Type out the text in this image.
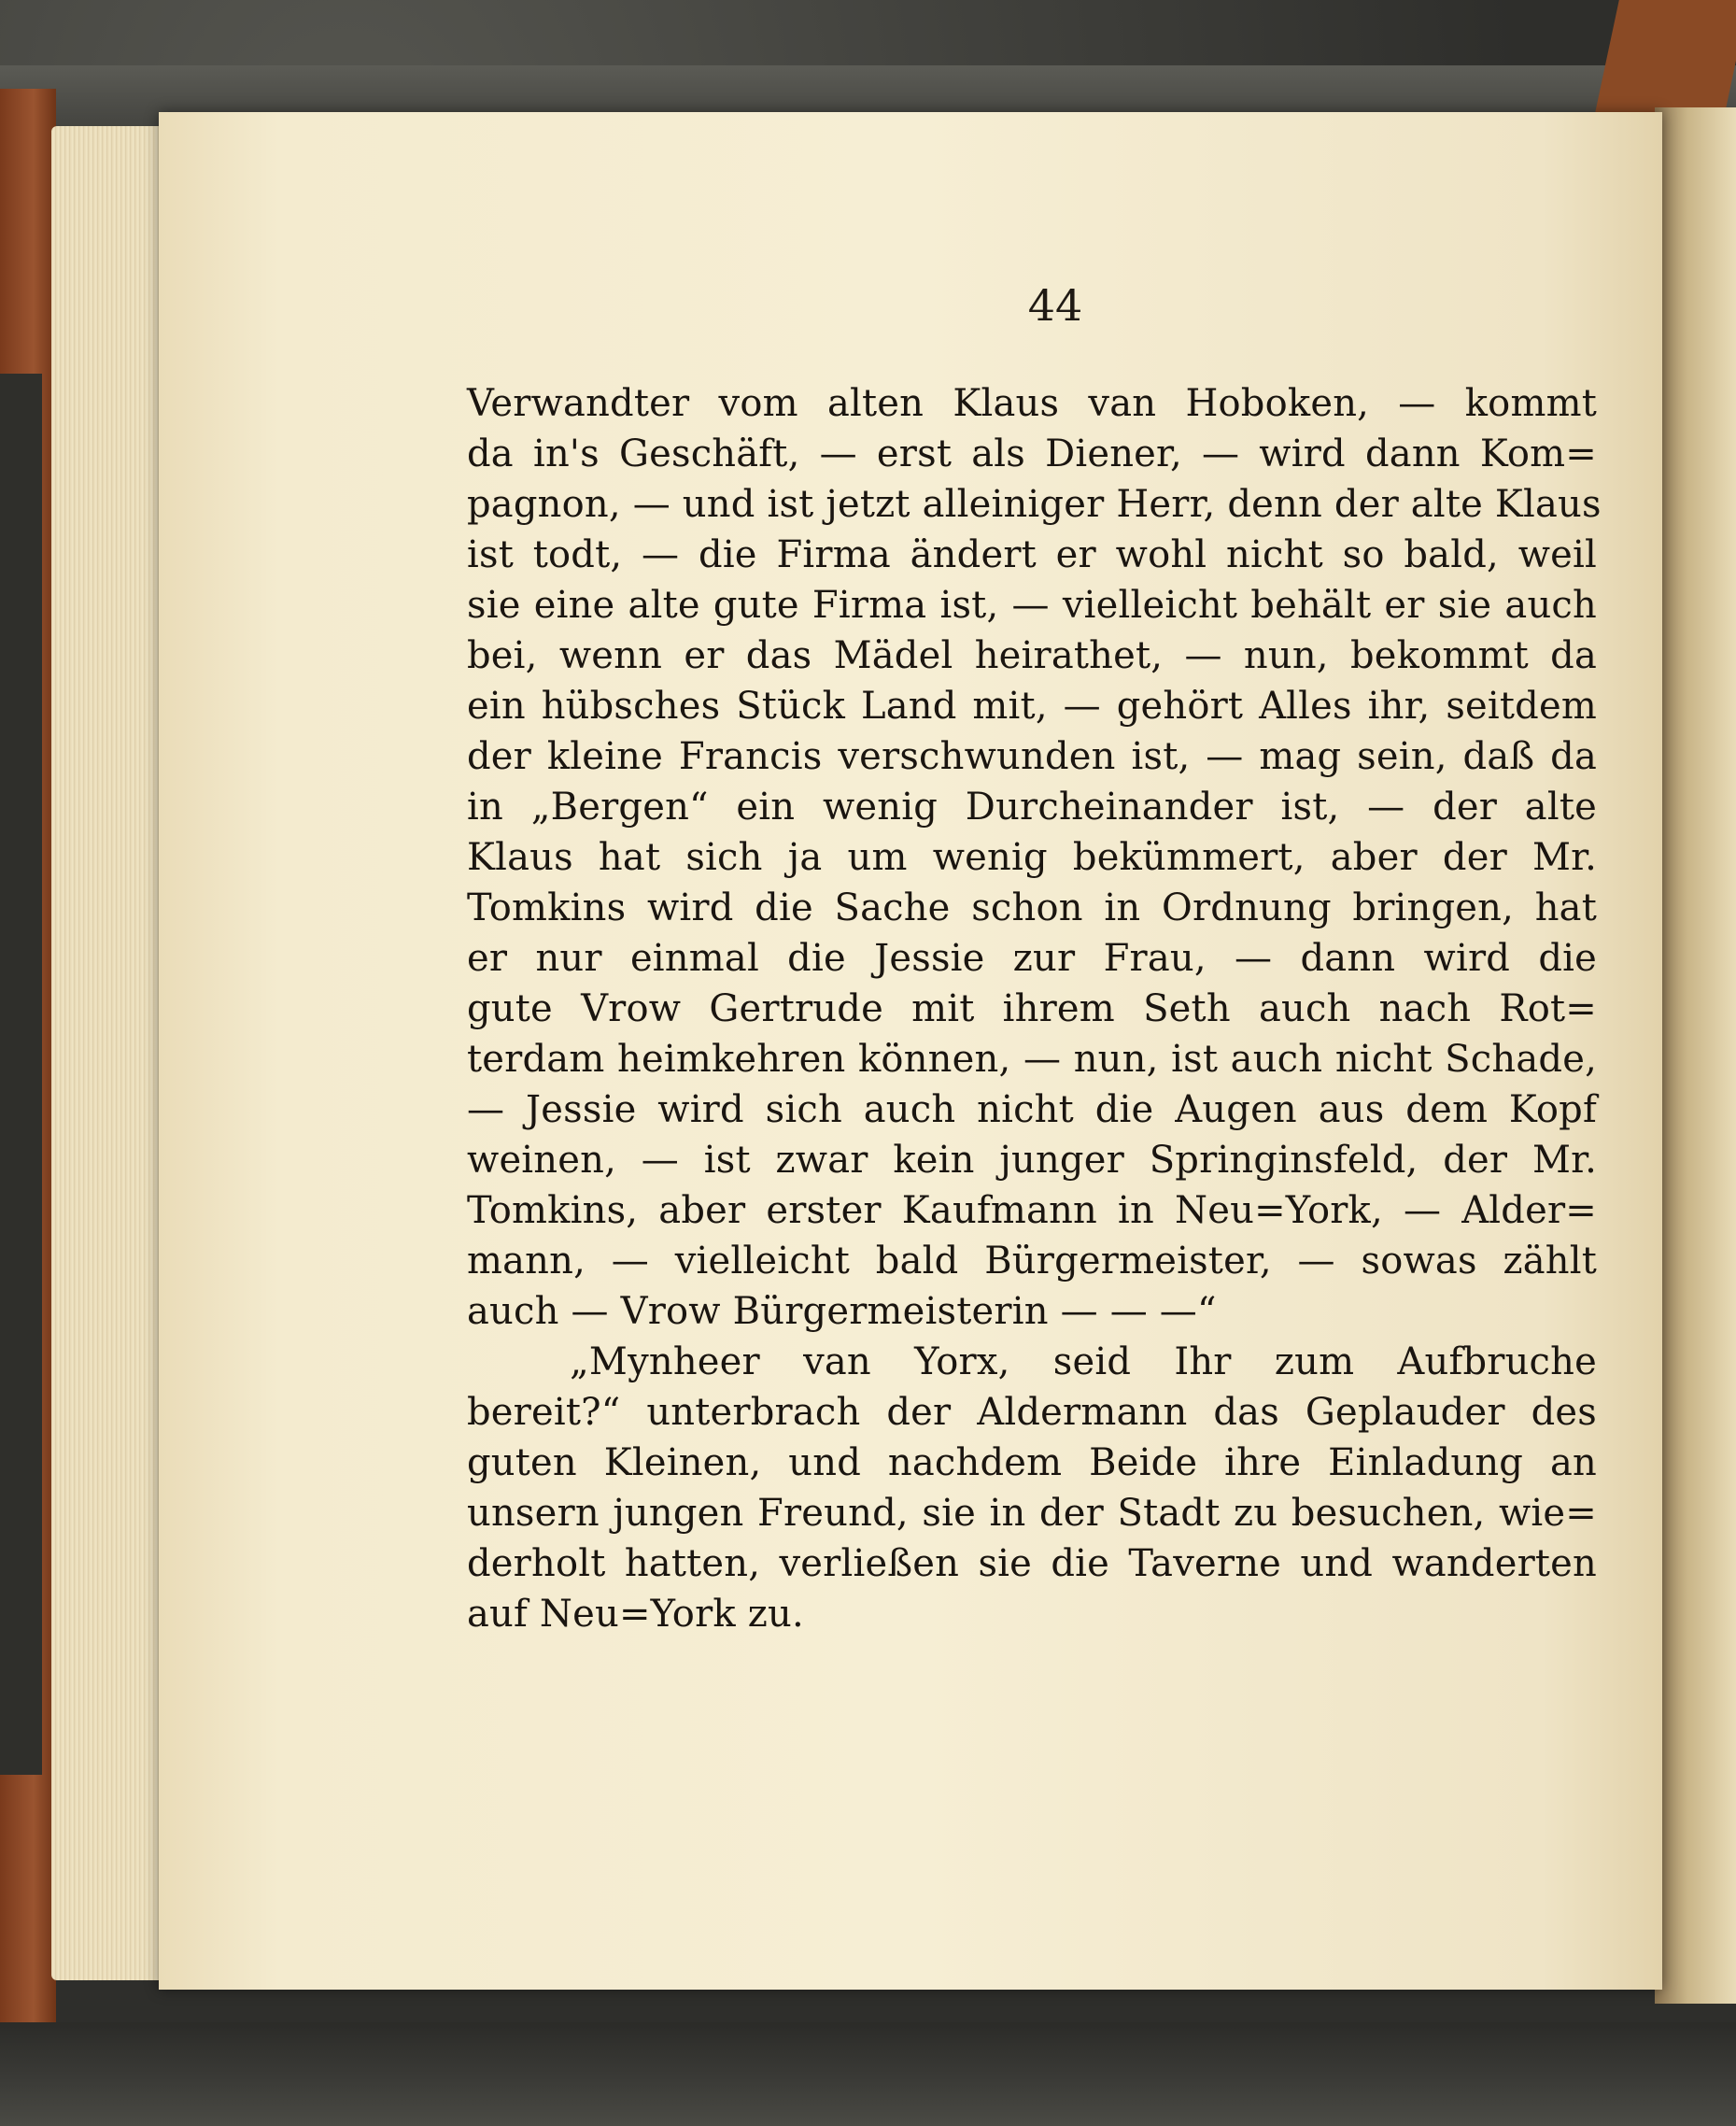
44
Verwandter vom alten Klaus van Hoboken, — kommt
da in's Geschäft, — erst als Diener, — wird dann Kom=
pagnon, — und ist jetzt alleiniger Herr, denn der alte Klaus
ist todt, — die Firma ändert er wohl nicht so bald, weil
sie eine alte gute Firma ist, — vielleicht behält er sie auch
bei, wenn er das Mädel heirathet, — nun, bekommt da
ein hübsches Stück Land mit, — gehört Alles ihr, seitdem
der kleine Francis verschwunden ist, — mag sein, daß da
in „Bergen“ ein wenig Durcheinander ist, — der alte
Klaus hat sich ja um wenig bekümmert, aber der Mr.
Tomkins wird die Sache schon in Ordnung bringen, hat
er nur einmal die Jessie zur Frau, — dann wird die
gute Vrow Gertrude mit ihrem Seth auch nach Rot=
terdam heimkehren können, — nun, ist auch nicht Schade,
— Jessie wird sich auch nicht die Augen aus dem Kopf
weinen, — ist zwar kein junger Springinsfeld, der Mr.
Tomkins, aber erster Kaufmann in Neu=York, — Alder=
mann, — vielleicht bald Bürgermeister, — sowas zählt
auch — Vrow Bürgermeisterin — — —“
„Mynheer van Yorx, seid Ihr zum Aufbruche
bereit?“ unterbrach der Aldermann das Geplauder des
guten Kleinen, und nachdem Beide ihre Einladung an
unsern jungen Freund, sie in der Stadt zu besuchen, wie=
derholt hatten, verließen sie die Taverne und wanderten
auf Neu=York zu.
